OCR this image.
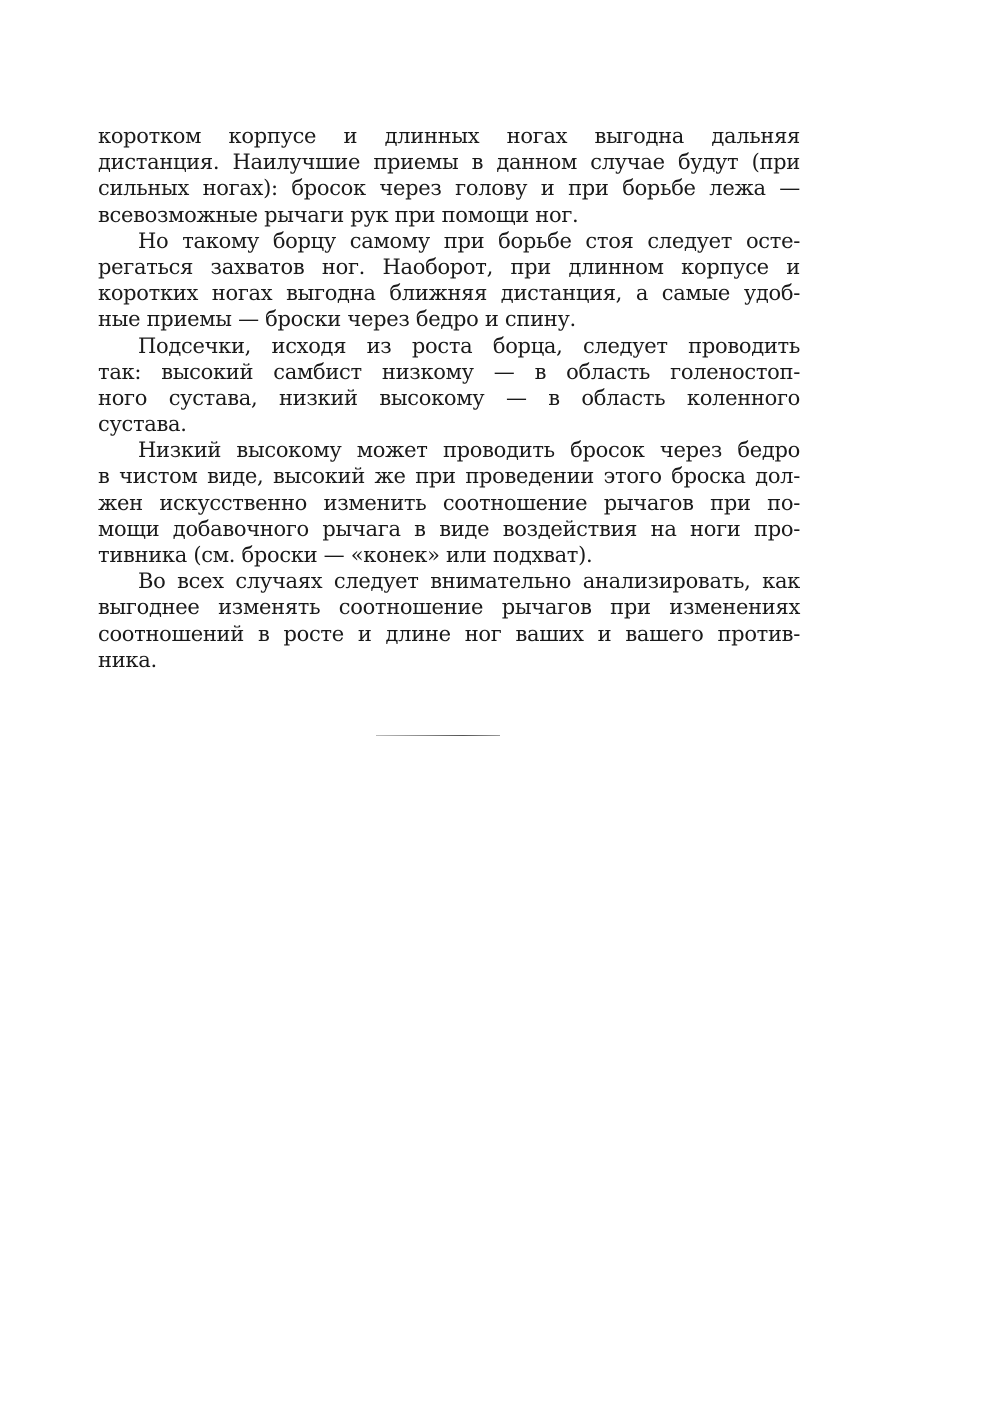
коротком корпусе и длинных ногах выгодна дальняя
дистанция. Наилучшие приемы в данном случае будут (при
сильных ногах): бросок через голову и при борьбе лежа —
всевозможные рычаги рук при помощи ног.
Но такому борцу самому при борьбе стоя следует осте-
регаться захватов ног. Наоборот, при длинном корпусе и
коротких ногах выгодна ближняя дистанция, а самые удоб-
ные приемы — броски через бедро и спину.
Подсечки, исходя из роста борца, следует проводить
так: высокий самбист низкому — в область голеностоп-
ного сустава, низкий высокому — в область коленного
сустава.
Низкий высокому может проводить бросок через бедро
в чистом виде, высокий же при проведении этого броска дол-
жен искусственно изменить соотношение рычагов при по-
мощи добавочного рычага в виде воздействия на ноги про-
тивника (см. броски — «конек» или подхват).
Во всех случаях следует внимательно анализировать, как
выгоднее изменять соотношение рычагов при изменениях
соотношений в росте и длине ног ваших и вашего против-
ника.
